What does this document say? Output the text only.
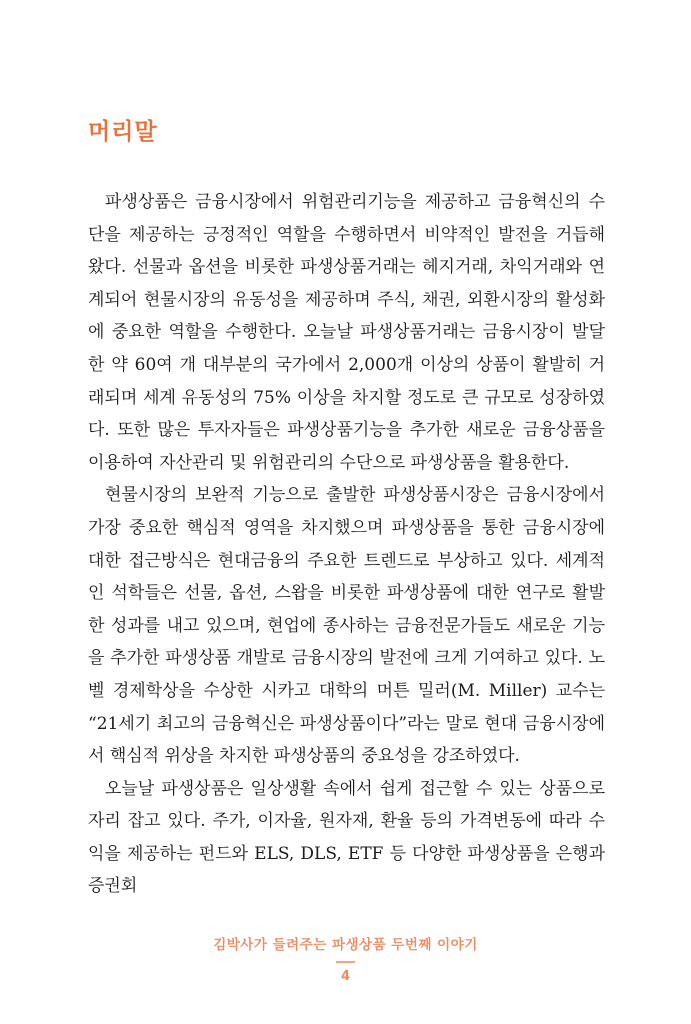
머리말

파생상품은 금융시장에서 위험관리기능을 제공하고 금융혁신의 수단을 제공하는 긍정적인 역할을 수행하면서 비약적인 발전을 거듭해 왔다. 선물과 옵션을 비롯한 파생상품거래는 헤지거래, 차익거래와 연계되어 현물시장의 유동성을 제공하며 주식, 채권, 외환시장의 활성화에 중요한 역할을 수행한다. 오늘날 파생상품거래는 금융시장이 발달한 약 60여 개 대부분의 국가에서 2,000개 이상의 상품이 활발히 거래되며 세계 유동성의 75% 이상을 차지할 정도로 큰 규모로 성장하였다. 또한 많은 투자자들은 파생상품기능을 추가한 새로운 금융상품을 이용하여 자산관리 및 위험관리의 수단으로 파생상품을 활용한다.

현물시장의 보완적 기능으로 출발한 파생상품시장은 금융시장에서 가장 중요한 핵심적 영역을 차지했으며 파생상품을 통한 금융시장에 대한 접근방식은 현대금융의 주요한 트렌드로 부상하고 있다. 세계적인 석학들은 선물, 옵션, 스왑을 비롯한 파생상품에 대한 연구로 활발한 성과를 내고 있으며, 현업에 종사하는 금융전문가들도 새로운 기능을 추가한 파생상품 개발로 금융시장의 발전에 크게 기여하고 있다. 노벨 경제학상을 수상한 시카고 대학의 머튼 밀러(M. Miller) 교수는 “21세기 최고의 금융혁신은 파생상품이다”라는 말로 현대 금융시장에서 핵심적 위상을 차지한 파생상품의 중요성을 강조하였다.

오늘날 파생상품은 일상생활 속에서 쉽게 접근할 수 있는 상품으로 자리 잡고 있다. 주가, 이자율, 원자재, 환율 등의 가격변동에 따라 수익을 제공하는 펀드와 ELS, DLS, ETF 등 다양한 파생상품을 은행과 증권회

김박사가 들려주는 파생상품 두번째 이야기
4
